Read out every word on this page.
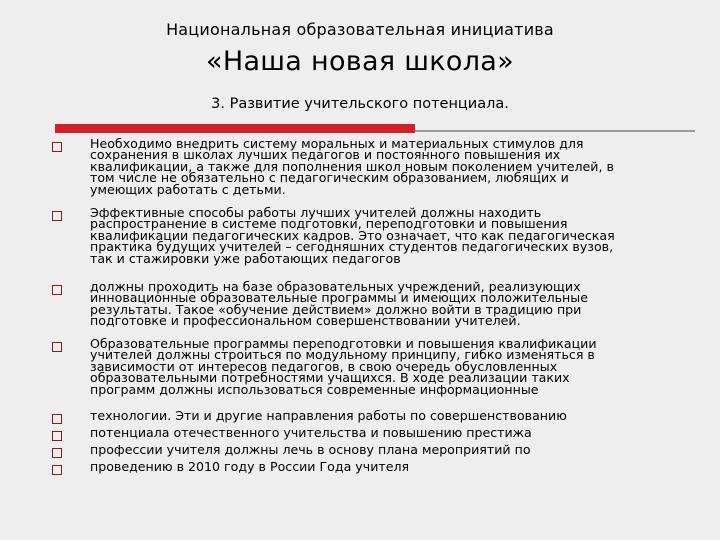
Национальная образовательная инициатива
«Наша новая школа»
3. Развитие учительского потенциала.
Необходимо внедрить систему моральных и материальных стимулов для
сохранения в школах лучших педагогов и постоянного повышения их
квалификации, а также для пополнения школ новым поколением учителей, в
том числе не обязательно с педагогическим образованием, любящих и
умеющих работать с детьми.
Эффективные способы работы лучших учителей должны находить
распространение в системе подготовки, переподготовки и повышения
квалификации педагогических кадров. Это означает, что как педагогическая
практика будущих учителей – сегодняшних студентов педагогических вузов,
так и стажировки уже работающих педагогов
должны проходить на базе образовательных учреждений, реализующих
инновационные образовательные программы и имеющих положительные
результаты. Такое «обучение действием» должно войти в традицию при
подготовке и профессиональном совершенствовании учителей.
Образовательные программы переподготовки и повышения квалификации
учителей должны строиться по модульному принципу, гибко изменяться в
зависимости от интересов педагогов, в свою очередь обусловленных
образовательными потребностями учащихся. В ходе реализации таких
программ должны использоваться современные информационные
технологии. Эти и другие направления работы по совершенствованию
потенциала отечественного учительства и повышению престижа
профессии учителя должны лечь в основу плана мероприятий по
проведению в 2010 году в России Года учителя
